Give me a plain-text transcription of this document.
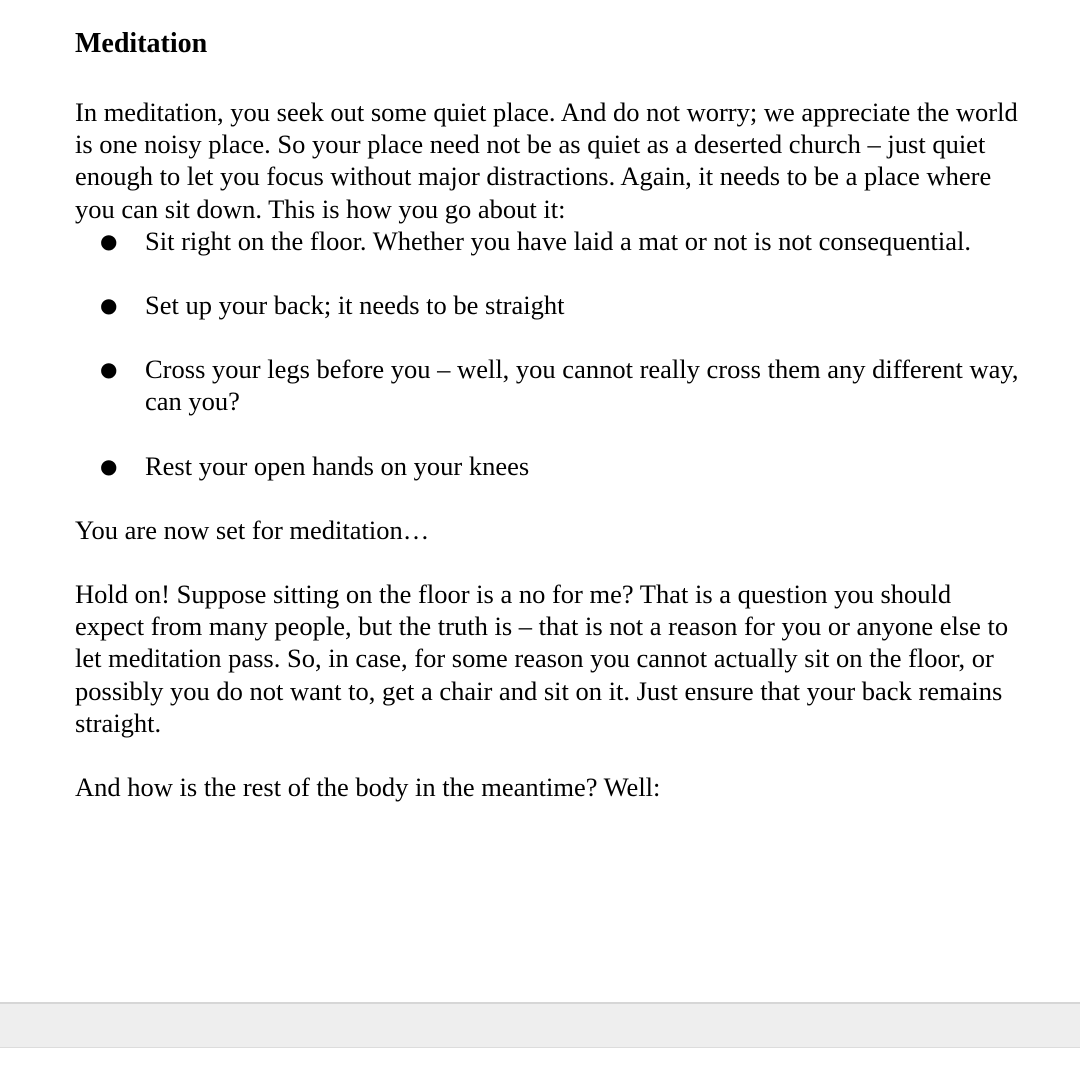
Meditation

In meditation, you seek out some quiet place. And do not worry; we appreciate the world is one noisy place. So your place need not be as quiet as a deserted church – just quiet enough to let you focus without major distractions. Again, it needs to be a place where you can sit down. This is how you go about it:

● Sit right on the floor. Whether you have laid a mat or not is not consequential.
● Set up your back; it needs to be straight
● Cross your legs before you – well, you cannot really cross them any different way, can you?
● Rest your open hands on your knees

You are now set for meditation…

Hold on! Suppose sitting on the floor is a no for me? That is a question you should expect from many people, but the truth is – that is not a reason for you or anyone else to let meditation pass. So, in case, for some reason you cannot actually sit on the floor, or possibly you do not want to, get a chair and sit on it. Just ensure that your back remains straight.

And how is the rest of the body in the meantime? Well:
